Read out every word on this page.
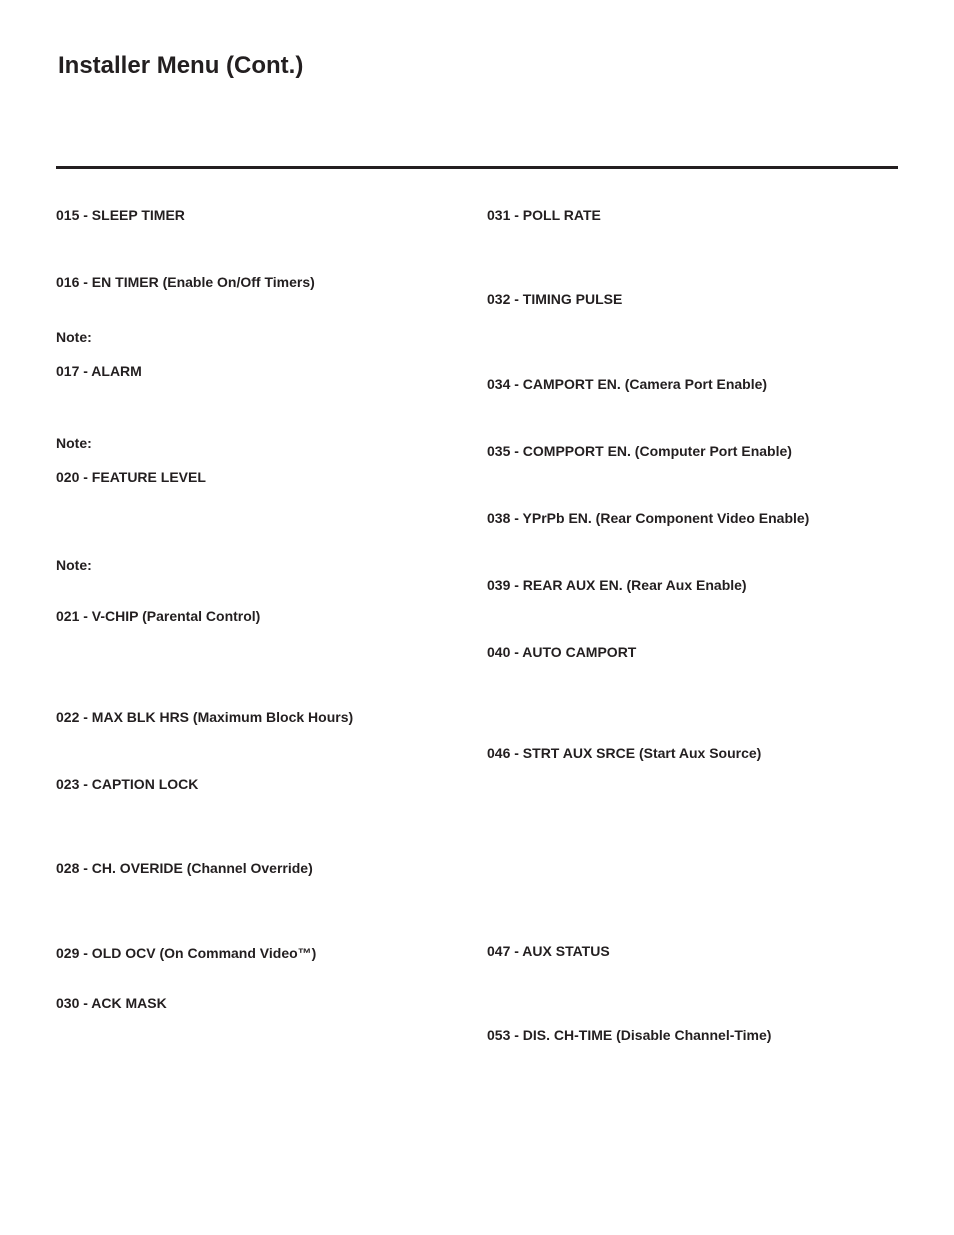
Installer Menu (Cont.)

015 - SLEEP TIMER

016 - EN TIMER (Enable On/Off Timers)

Note:

017 - ALARM

Note:

020 - FEATURE LEVEL

Note:

021 - V-CHIP (Parental Control)

022 - MAX BLK HRS (Maximum Block Hours)

023 - CAPTION LOCK

028 - CH. OVERIDE (Channel Override)

029 - OLD OCV (On Command Video™)

030 - ACK MASK

031 - POLL RATE

032 - TIMING PULSE

034 - CAMPORT EN. (Camera Port Enable)

035 - COMPPORT EN. (Computer Port Enable)

038 - YPrPb EN. (Rear Component Video Enable)

039 - REAR AUX EN. (Rear Aux Enable)

040 - AUTO CAMPORT

046 - STRT AUX SRCE (Start Aux Source)

047 - AUX STATUS

053 - DIS. CH-TIME (Disable Channel-Time)
